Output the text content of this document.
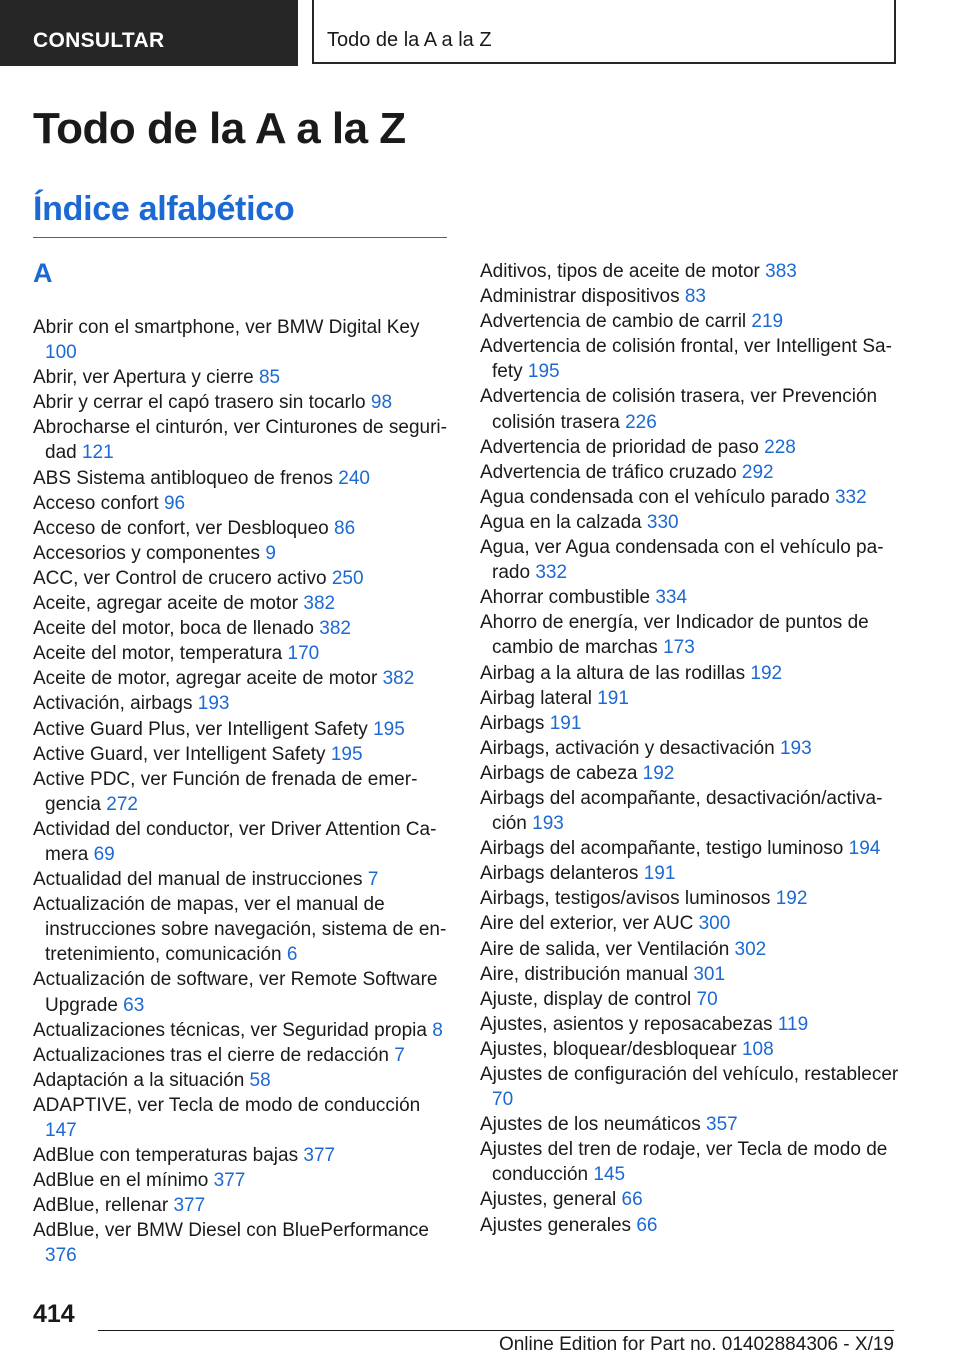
CONSULTAR	Todo de la A a la Z
Todo de la A a la Z
Índice alfabético
A
Abrir con el smartphone, ver BMW Digital Key 100
Abrir, ver Apertura y cierre 85
Abrir y cerrar el capó trasero sin tocarlo 98
Abrocharse el cinturón, ver Cinturones de seguridad 121
ABS Sistema antibloqueo de frenos 240
Acceso confort 96
Acceso de confort, ver Desbloqueo 86
Accesorios y componentes 9
ACC, ver Control de crucero activo 250
Aceite, agregar aceite de motor 382
Aceite del motor, boca de llenado 382
Aceite del motor, temperatura 170
Aceite de motor, agregar aceite de motor 382
Activación, airbags 193
Active Guard Plus, ver Intelligent Safety 195
Active Guard, ver Intelligent Safety 195
Active PDC, ver Función de frenada de emergencia 272
Actividad del conductor, ver Driver Attention Camera 69
Actualidad del manual de instrucciones 7
Actualización de mapas, ver el manual de instrucciones sobre navegación, sistema de entretenimiento, comunicación 6
Actualización de software, ver Remote Software Upgrade 63
Actualizaciones técnicas, ver Seguridad propia 8
Actualizaciones tras el cierre de redacción 7
Adaptación a la situación 58
ADAPTIVE, ver Tecla de modo de conducción 147
AdBlue con temperaturas bajas 377
AdBlue en el mínimo 377
AdBlue, rellenar 377
AdBlue, ver BMW Diesel con BluePerformance 376
Aditivos, tipos de aceite de motor 383
Administrar dispositivos 83
Advertencia de cambio de carril 219
Advertencia de colisión frontal, ver Intelligent Safety 195
Advertencia de colisión trasera, ver Prevención colisión trasera 226
Advertencia de prioridad de paso 228
Advertencia de tráfico cruzado 292
Agua condensada con el vehículo parado 332
Agua en la calzada 330
Agua, ver Agua condensada con el vehículo parado 332
Ahorrar combustible 334
Ahorro de energía, ver Indicador de puntos de cambio de marchas 173
Airbag a la altura de las rodillas 192
Airbag lateral 191
Airbags 191
Airbags, activación y desactivación 193
Airbags de cabeza 192
Airbags del acompañante, desactivación/activación 193
Airbags del acompañante, testigo luminoso 194
Airbags delanteros 191
Airbags, testigos/avisos luminosos 192
Aire del exterior, ver AUC 300
Aire de salida, ver Ventilación 302
Aire, distribución manual 301
Ajuste, display de control 70
Ajustes, asientos y reposacabezas 119
Ajustes, bloquear/desbloquear 108
Ajustes de configuración del vehículo, restablecer 70
Ajustes de los neumáticos 357
Ajustes del tren de rodaje, ver Tecla de modo de conducción 145
Ajustes, general 66
Ajustes generales 66
414
Online Edition for Part no. 01402884306 - X/19
